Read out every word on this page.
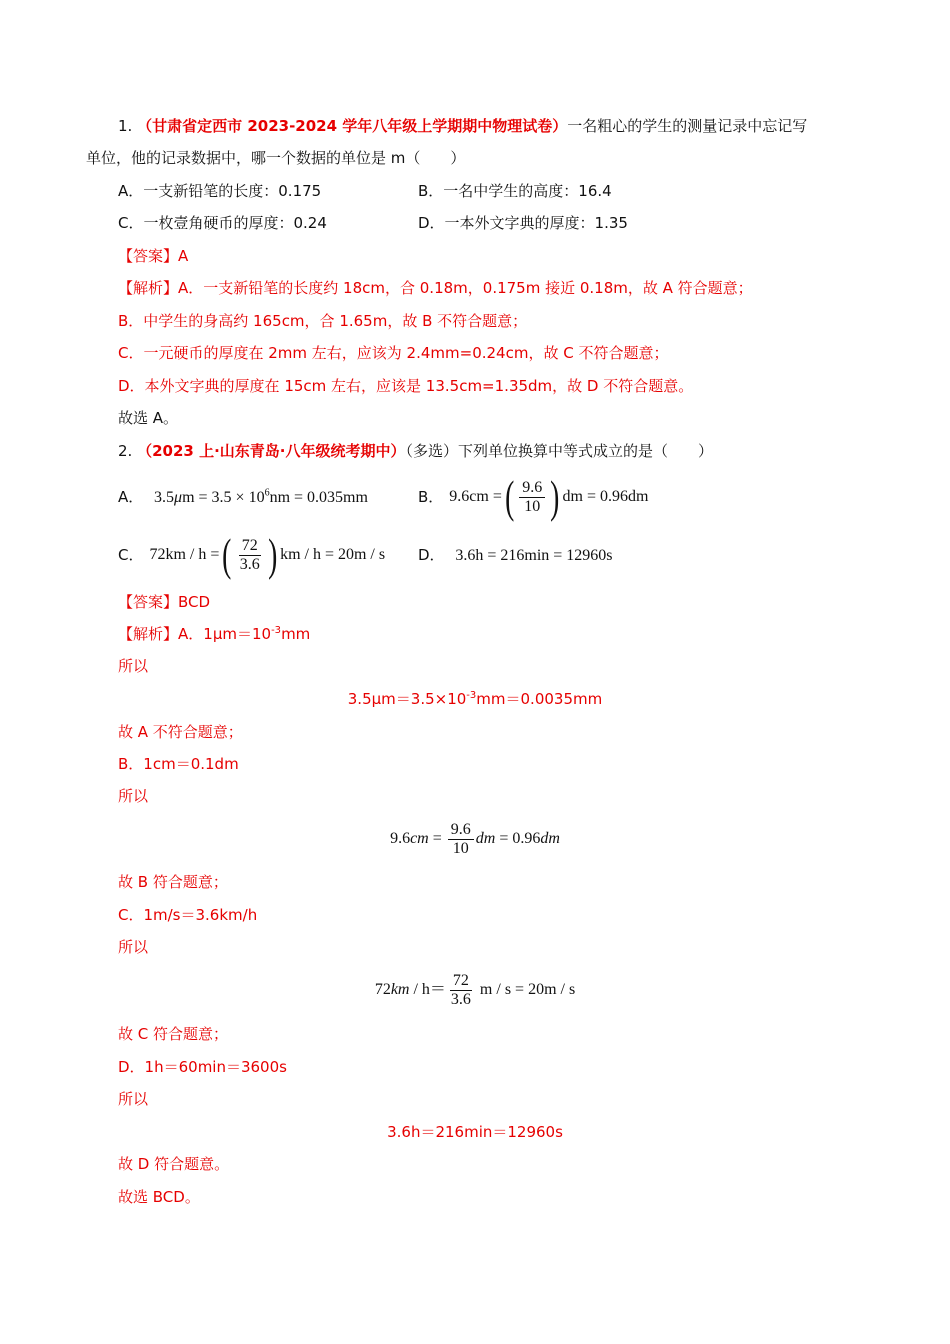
1. （甘肃省定西市 2023-2024 学年八年级上学期期中物理试卷）一名粗心的学生的测量记录中忘记写
单位，他的记录数据中，哪一个数据的单位是 m（　　）
A．一支新铅笔的长度：0.175	B．一名中学生的高度：16.4
C．一枚壹角硬币的厚度：0.24	D．一本外文字典的厚度：1.35
【答案】A
【解析】A．一支新铅笔的长度约 18cm，合 0.18m，0.175m 接近 0.18m，故 A 符合题意；
B．中学生的身高约 165cm，合 1.65m，故 B 不符合题意；
C．一元硬币的厚度在 2mm 左右，应该为 2.4mm=0.24cm，故 C 不符合题意；
D．本外文字典的厚度在 15cm 左右，应该是 13.5cm=1.35dm，故 D 不符合题意。
故选 A。
2. （2023 上·山东青岛·八年级统考期中）（多选）下列单位换算中等式成立的是（　　）
A． $3.5\mu m = 3.5 \times 10^6nm = 0.035mm$	B． 9.6cm = ( $\frac{9.6}{10}$ ) dm = 0.96dm
C． 72km / h = ( $\frac{72}{3.6}$ ) km / h = 20m / s D． 3.6h = 216min = 12960s
【答案】BCD
【解析】A．$1\mu m=10^{-3}mm$
所以
$3.5\mu m=3.5\times 10^{-3}mm=0.0035mm$
故 A 不符合题意；
B．1cm＝0.1dm
所以
9.6 cm = $\frac{9.6}{10}$ dm = 0.96 dm
故 B 符合题意；
C．1m/s＝3.6km/h
所以
72 km / $h= \frac{72}{3.6}$ m / s = 20m / s
故 C 符合题意；
D．1h＝60min＝3600s
所以
3.6h＝216min＝12960s
故 D 符合题意。
故选 BCD。
